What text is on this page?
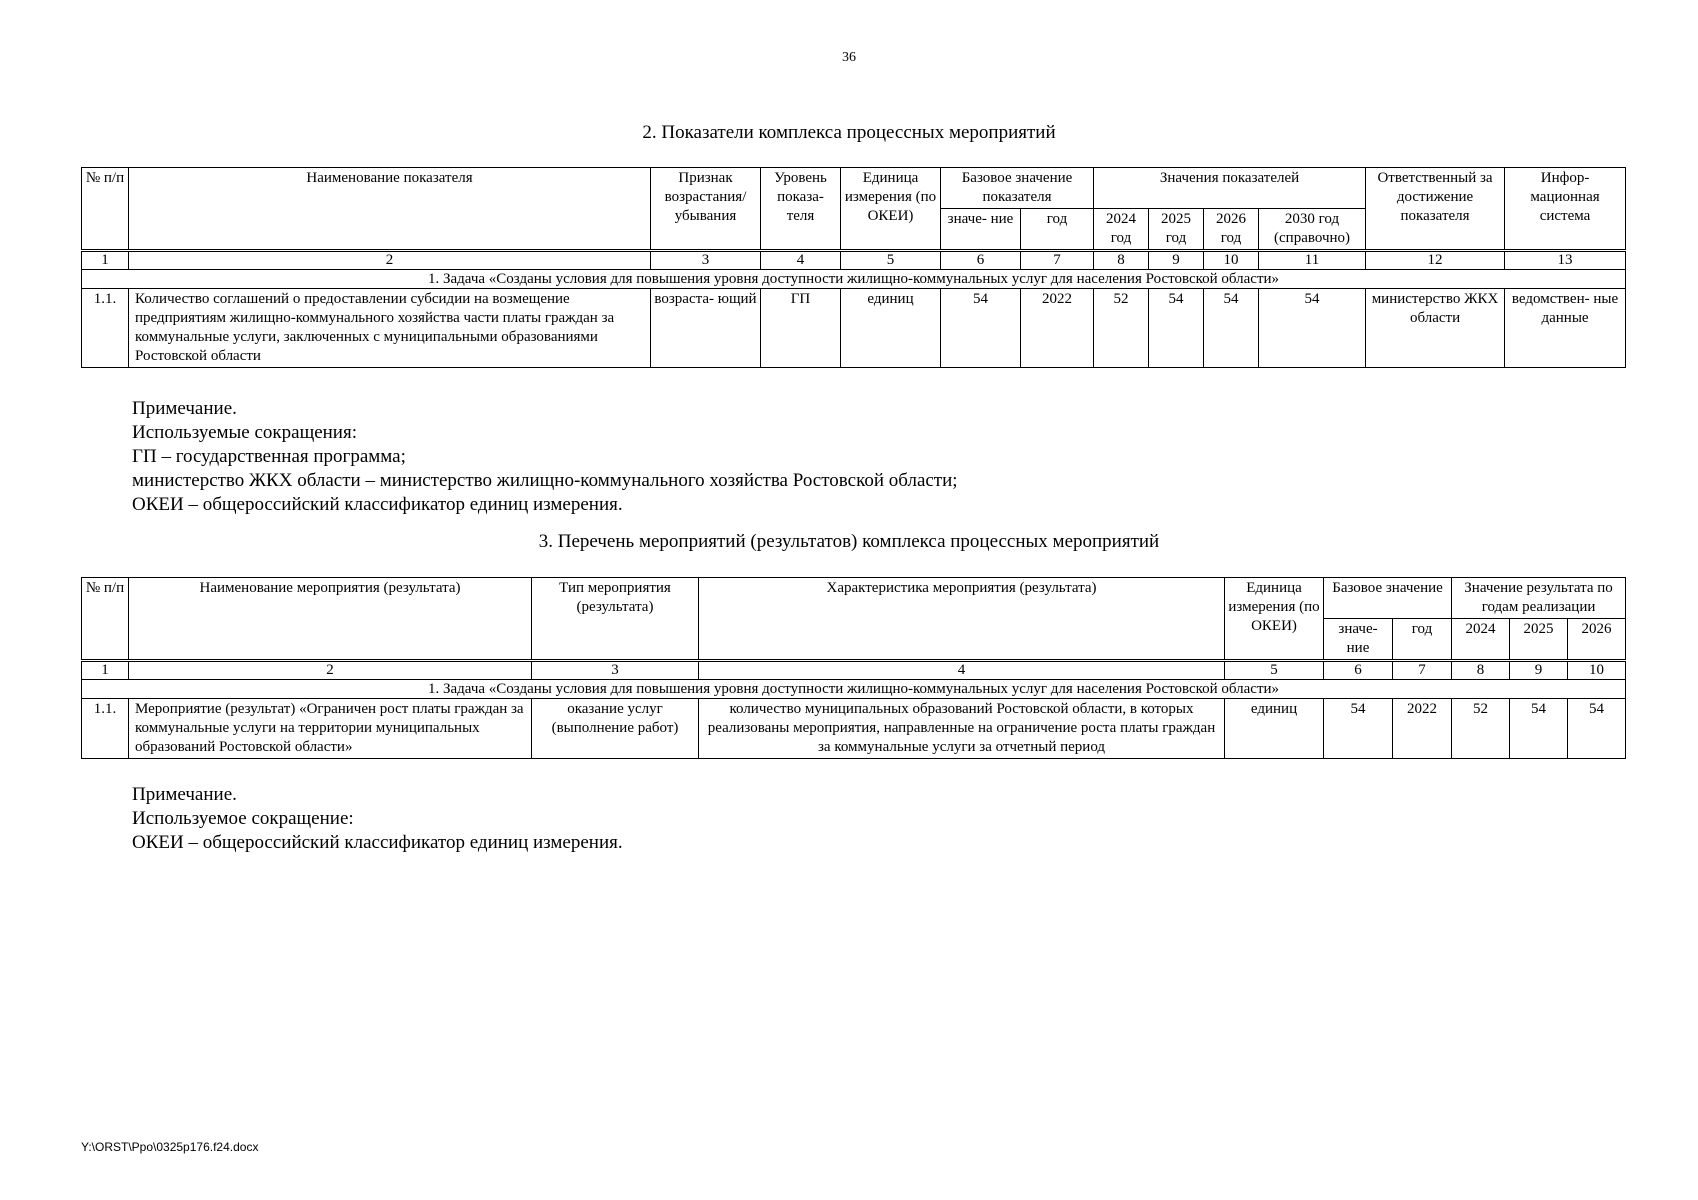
36
2. Показатели комплекса процессных мероприятий
№ п/п	Наименование показателя	Признак возрастания/ убывания	Уровень показа- теля	Единица измерения (по ОКЕИ)	Базовое значение показателя		Значения показателей				Ответственный за достижение показателя	Инфор- мационная система
					значе- ние	год	2024 год	2025 год	2026 год	2030 год (справочно)		
1	2	3	4	5	6	7	8	9	10	11	12	13
1. Задача «Созданы условия для повышения уровня доступности жилищно-коммунальных услуг для населения Ростовской области»												
1.1.	Количество соглашений о предоставлении субсидии на возмещение предприятиям жилищно-коммунального хозяйства части платы граждан за коммунальные услуги, заключенных с муниципальными образованиями Ростовской области	возраста- ющий	ГП	единиц	54	2022	52	54	54	54	министерство ЖКХ области	ведомствен- ные данные
Примечание.
Используемые сокращения:
ГП – государственная программа;
министерство ЖКХ области – министерство жилищно-коммунального хозяйства Ростовской области;
ОКЕИ – общероссийский классификатор единиц измерения.
3. Перечень мероприятий (результатов) комплекса процессных мероприятий
№ п/п	Наименование мероприятия (результата)	Тип мероприятия (результата)	Характеристика мероприятия (результата)	Единица измерения (по ОКЕИ)	Базовое значение		Значение результата по годам реализации		
					значе- ние	год	2024	2025	2026
1	2	3	4	5	6	7	8	9	10
1. Задача «Созданы условия для повышения уровня доступности жилищно-коммунальных услуг для населения Ростовской области»									
1.1.	Мероприятие (результат) «Ограничен рост платы граждан за коммунальные услуги на территории муниципальных образований Ростовской области»	оказание услуг (выполнение работ)	количество муниципальных образований Ростовской области, в которых реализованы мероприятия, направленные на ограничение роста платы граждан за коммунальные услуги за отчетный период	единиц	54	2022	52	54	54
Примечание.
Используемое сокращение:
ОКЕИ – общероссийский классификатор единиц измерения.
Y:\ORST\Ppo\0325p176.f24.docx
